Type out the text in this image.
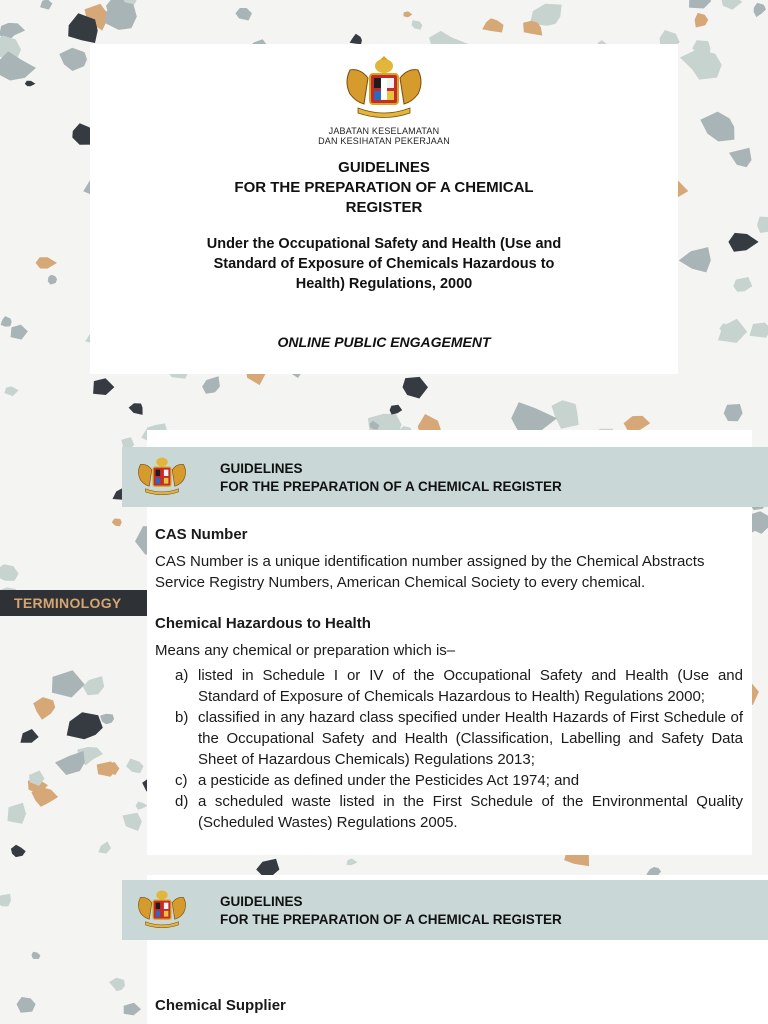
JABATAN KESELAMATAN
DAN KESIHATAN PEKERJAAN
GUIDELINES
FOR THE PREPARATION OF A CHEMICAL
REGISTER
Under the Occupational Safety and Health (Use and
Standard of Exposure of Chemicals Hazardous to
Health) Regulations, 2000
ONLINE PUBLIC ENGAGEMENT
GUIDELINES
FOR THE PREPARATION OF A CHEMICAL REGISTER
TERMINOLOGY
CAS Number
CAS Number is a unique identification number assigned by the Chemical Abstracts Service Registry Numbers, American Chemical Society to every chemical.
Chemical Hazardous to Health
Means any chemical or preparation which is–
a) listed in Schedule I or IV of the Occupational Safety and Health (Use and Standard of Exposure of Chemicals Hazardous to Health) Regulations 2000;
b) classified in any hazard class specified under Health Hazards of First Schedule of the Occupational Safety and Health (Classification, Labelling and Safety Data Sheet of Hazardous Chemicals) Regulations 2013;
c) a pesticide as defined under the Pesticides Act 1974; and
d) a scheduled waste listed in the First Schedule of the Environmental Quality (Scheduled Wastes) Regulations 2005.
GUIDELINES
FOR THE PREPARATION OF A CHEMICAL REGISTER
Chemical Supplier
